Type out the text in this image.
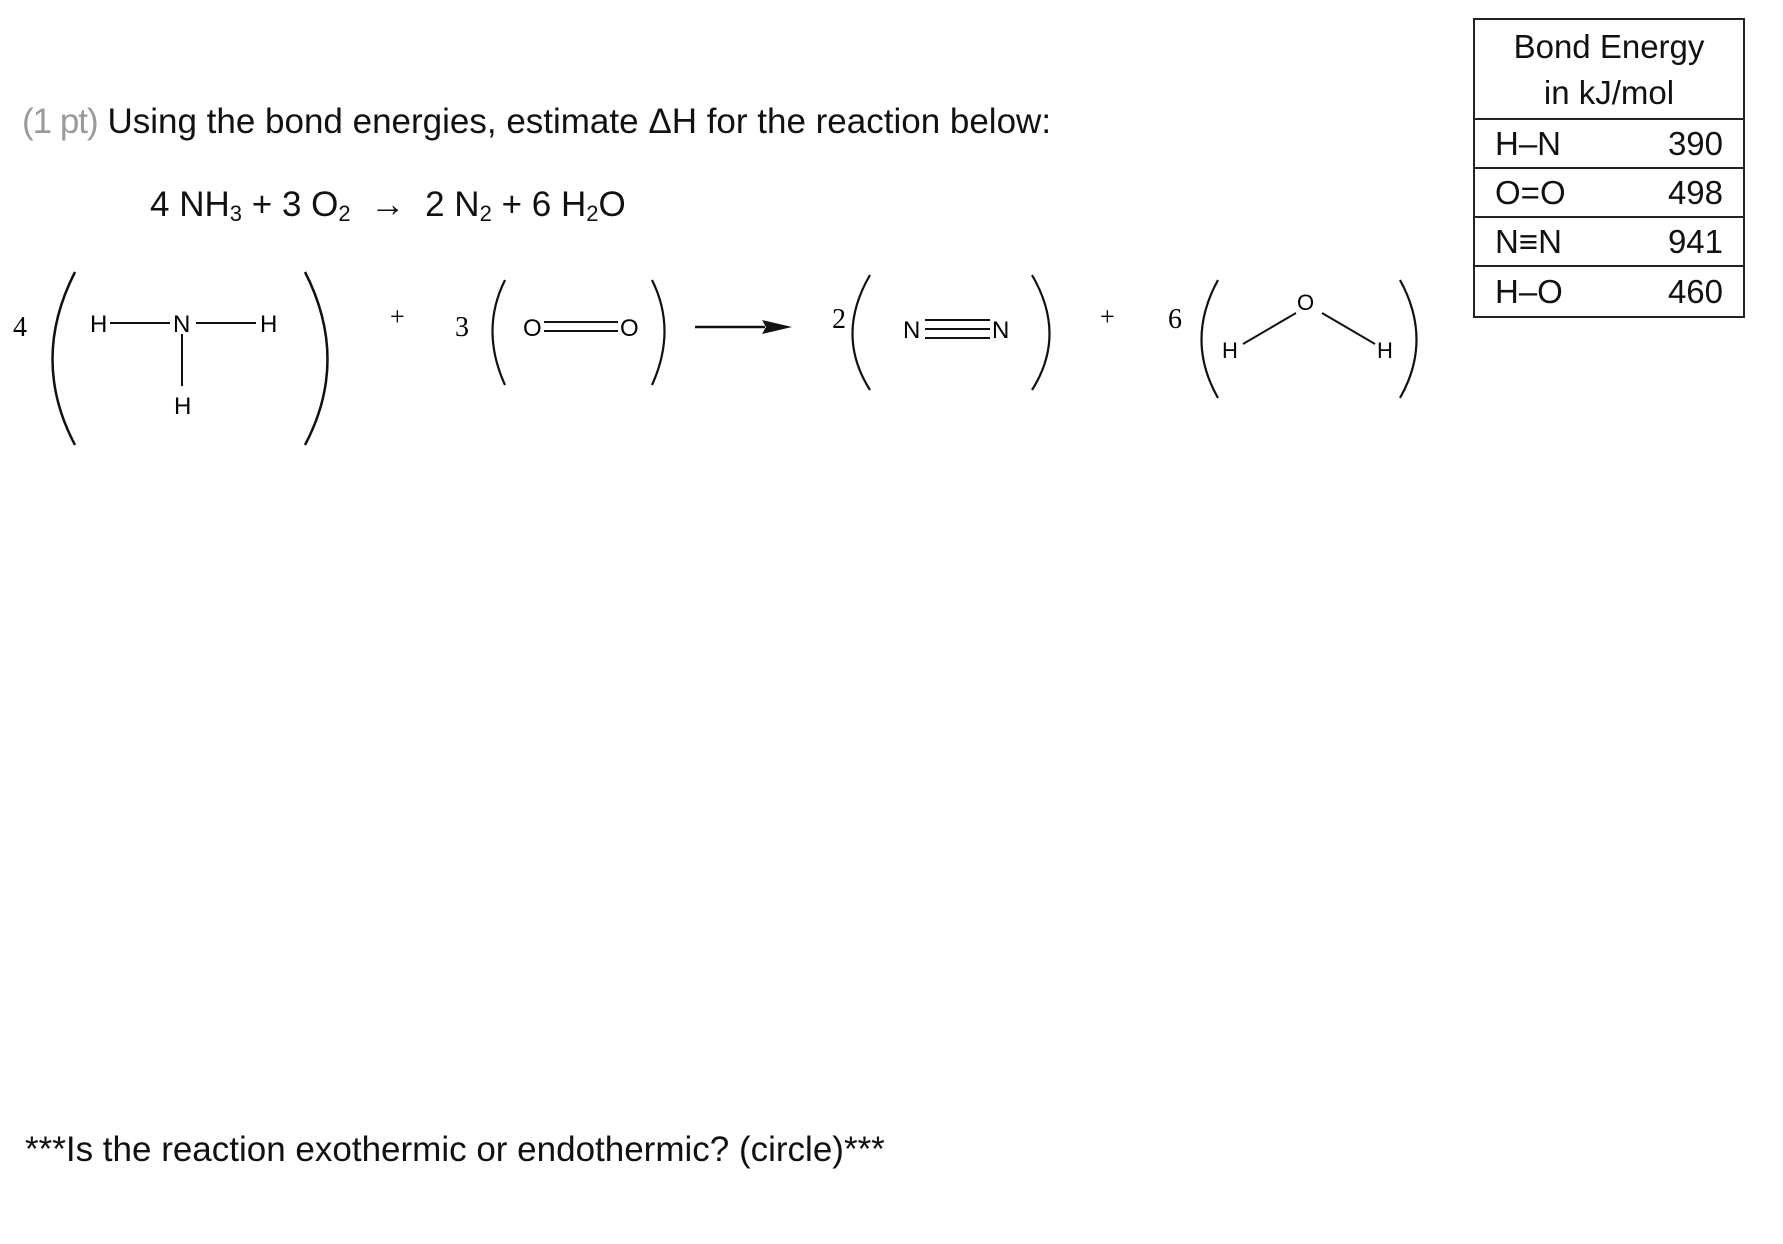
(1 pt) Using the bond energies, estimate ΔH for the reaction below:
4 $NH_3 + 3$ $O_2 \to 2$ $N_2 + 6$ $H_2O$
4	H	N	H
H
+ 3 O	O	2 N	N	+ 6
H
O
H
Bond Energy
in kJ/mol
H–N	390
O=O	498
N≡N	941
H–O	460
***Is the reaction exothermic or endothermic? (circle)***
